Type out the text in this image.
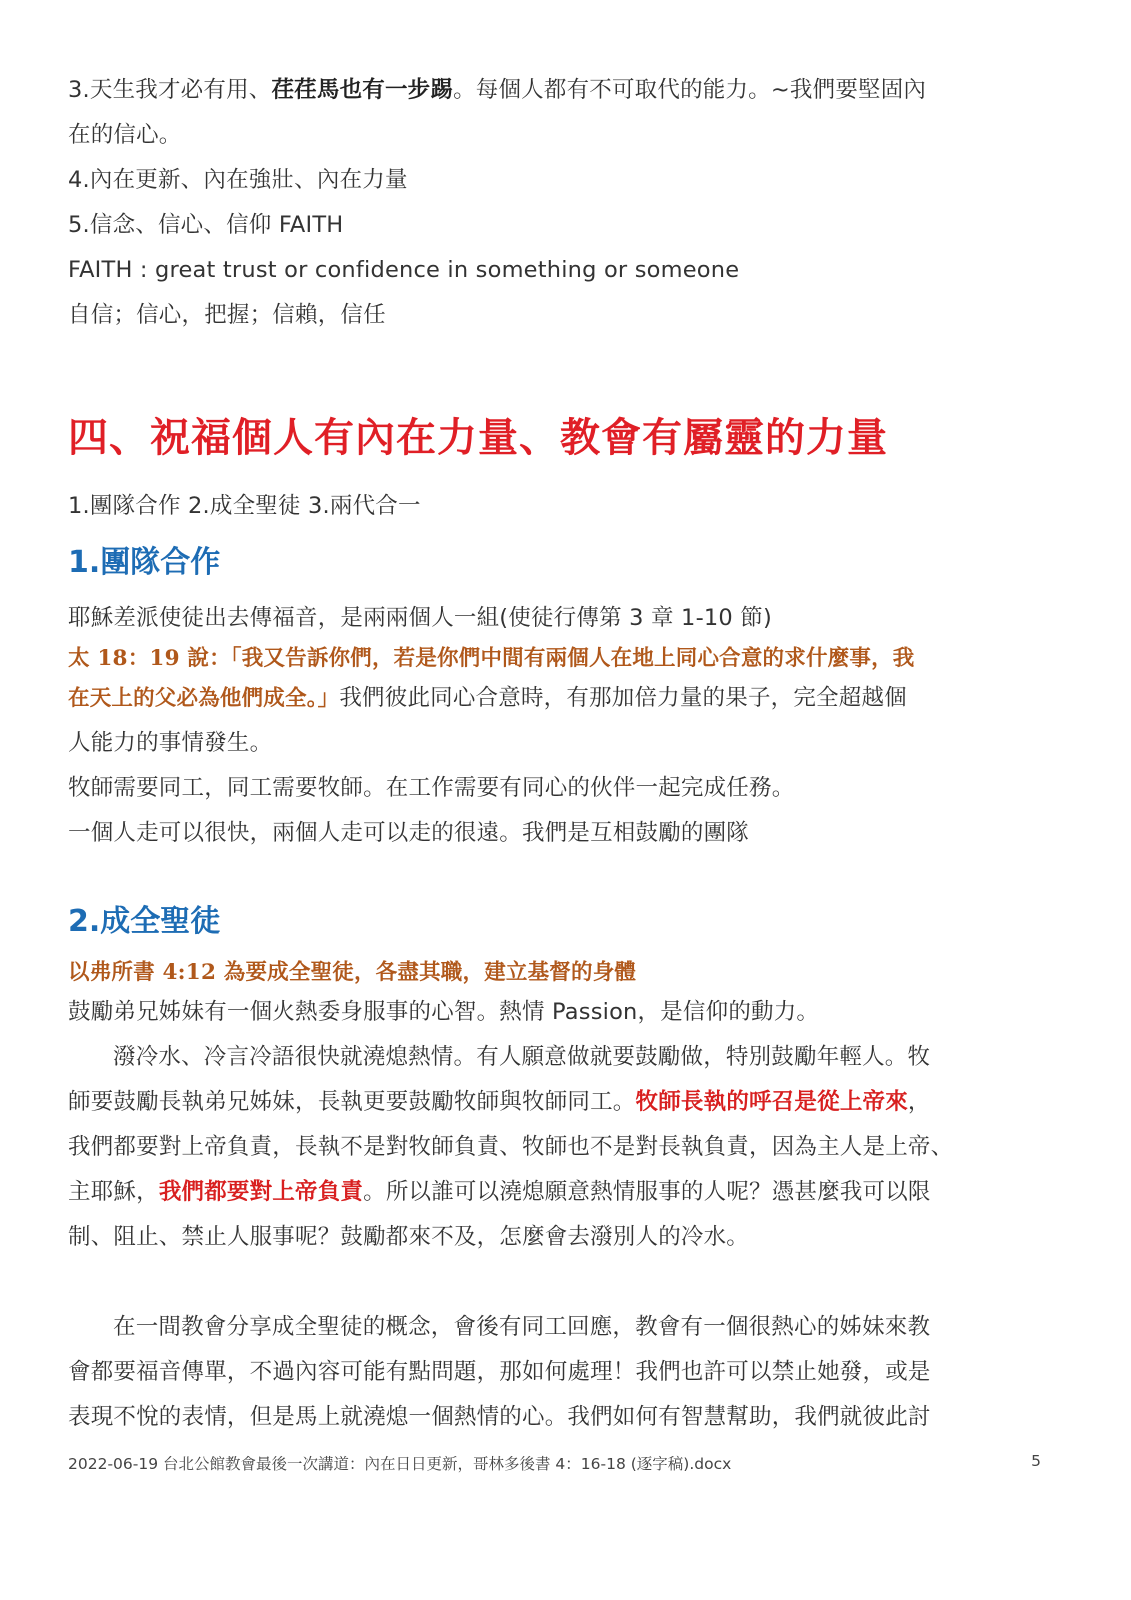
3.天生我才必有用、荏荏馬也有一步踢。每個人都有不可取代的能力。~我們要堅固內
在的信心。
4.內在更新、內在強壯、內在力量
5.信念、信心、信仰 FAITH
FAITH : great trust or confidence in something or someone
自信；信心，把握；信賴，信任
四、祝福個人有內在力量、教會有屬靈的力量
1.團隊合作 2.成全聖徒 3.兩代合一
1.團隊合作
耶穌差派使徒出去傳福音，是兩兩個人一組(使徒行傳第 3 章 1-10 節)
太 18：19 說：「我又告訴你們，若是你們中間有兩個人在地上同心合意的求什麼事，我
在天上的父必為他們成全。」我們彼此同心合意時，有那加倍力量的果子，完全超越個
人能力的事情發生。
牧師需要同工，同工需要牧師。在工作需要有同心的伙伴一起完成任務。
一個人走可以很快，兩個人走可以走的很遠。我們是互相鼓勵的團隊
2.成全聖徒
以弗所書 4:12 為要成全聖徒，各盡其職，建立基督的身體
鼓勵弟兄姊妹有一個火熱委身服事的心智。熱情 Passion，是信仰的動力。
潑冷水、冷言冷語很快就澆熄熱情。有人願意做就要鼓勵做，特別鼓勵年輕人。牧
師要鼓勵長執弟兄姊妹，長執更要鼓勵牧師與牧師同工。牧師長執的呼召是從上帝來，
我們都要對上帝負責，長執不是對牧師負責、牧師也不是對長執負責，因為主人是上帝、
主耶穌，我們都要對上帝負責。所以誰可以澆熄願意熱情服事的人呢？憑甚麼我可以限
制、阻止、禁止人服事呢？鼓勵都來不及，怎麼會去潑別人的冷水。
在一間教會分享成全聖徒的概念，會後有同工回應，教會有一個很熱心的姊妹來教
會都要福音傳單，不過內容可能有點問題，那如何處理！我們也許可以禁止她發，或是
表現不悅的表情，但是馬上就澆熄一個熱情的心。我們如何有智慧幫助，我們就彼此討
2022-06-19 台北公館教會最後一次講道：內在日日更新，哥林多後書 4：16-18 (逐字稿).docx	5
